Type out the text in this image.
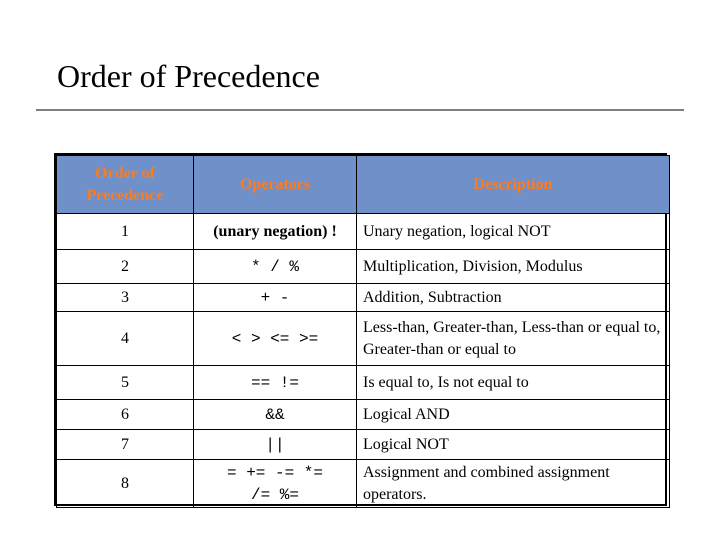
Order of Precedence
Order of Precedence	Operators	Description
1	(unary negation) !	Unary negation, logical NOT
2	* / %	Multiplication, Division, Modulus
3	+ -	Addition, Subtraction
4	< > <= >=	Less-than, Greater-than, Less-than or equal to, Greater-than or equal to
5	== !=	Is equal to, Is not equal to
6	&&	Logical AND
7	||	Logical NOT
8	= += -= *= /= %=	Assignment and combined assignment operators.
